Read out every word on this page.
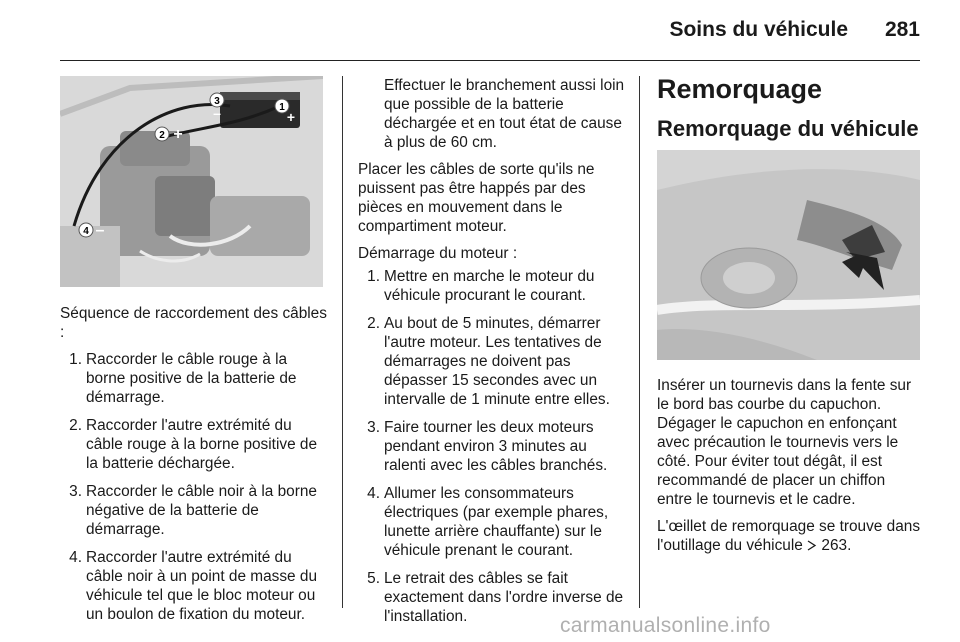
Soins du véhicule 281
3
–	1
+
2 +
4 –

Séquence de raccordement des câbles :

1. Raccorder le câble rouge à la borne positive de la batterie de démarrage.
2. Raccorder l'autre extrémité du câble rouge à la borne positive de la batterie déchargée.
3. Raccorder le câble noir à la borne négative de la batterie de démarrage.
4. Raccorder l'autre extrémité du câble noir à un point de masse du véhicule tel que le bloc moteur ou un boulon de fixation du moteur.

Effectuer le branchement aussi loin que possible de la batterie déchargée et en tout état de cause à plus de 60 cm.

Placer les câbles de sorte qu'ils ne puissent pas être happés par des pièces en mouvement dans le compartiment moteur.

Démarrage du moteur :

1. Mettre en marche le moteur du véhicule procurant le courant.
2. Au bout de 5 minutes, démarrer l'autre moteur. Les tentatives de démarrages ne doivent pas dépasser 15 secondes avec un intervalle de 1 minute entre elles.
3. Faire tourner les deux moteurs pendant environ 3 minutes au ralenti avec les câbles branchés.
4. Allumer les consommateurs électriques (par exemple phares, lunette arrière chauffante) sur le véhicule prenant le courant.
5. Le retrait des câbles se fait exactement dans l'ordre inverse de l'installation.
Remorquage
Remorquage du véhicule

Insérer un tournevis dans la fente sur le bord bas courbe du capuchon. Dégager le capuchon en enfonçant avec précaution le tournevis vers le côté. Pour éviter tout dégât, il est recommandé de placer un chiffon entre le tournevis et le cadre.

L'œillet de remorquage se trouve dans l'outillage du véhicule 263.

carmanualsonline.info
